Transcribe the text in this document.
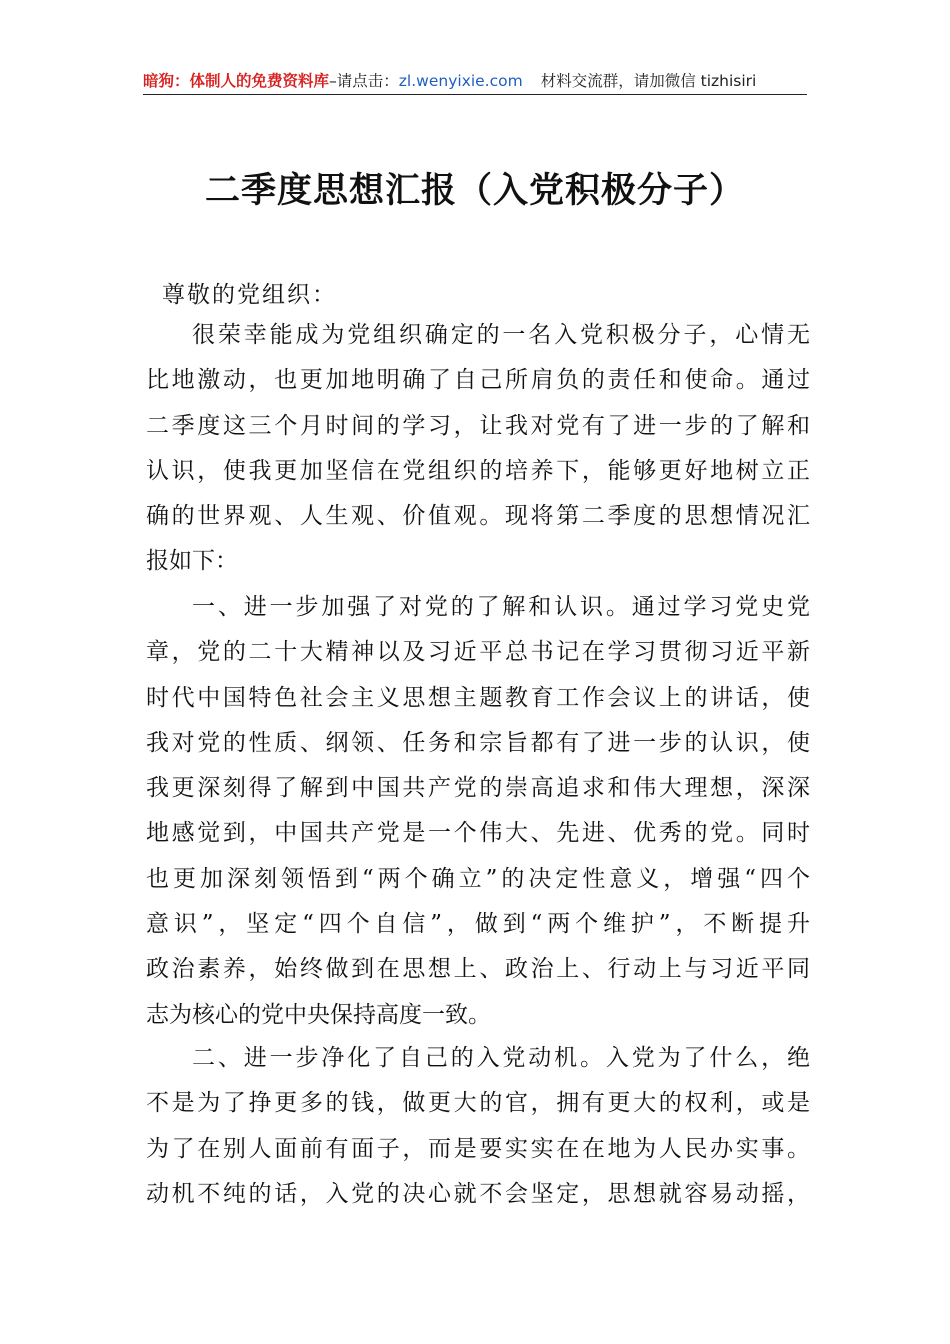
暗狗：体制人的免费资料库–请点击：zl.wenyixie.com 材料交流群，请加微信 tizhisiri
二季度思想汇报（入党积极分子）
尊敬的党组织：
很荣幸能成为党组织确定的一名入党积极分子，心情无
比地激动，也更加地明确了自己所肩负的责任和使命。通过
二季度这三个月时间的学习，让我对党有了进一步的了解和
认识，使我更加坚信在党组织的培养下，能够更好地树立正
确的世界观、人生观、价值观。现将第二季度的思想情况汇
报如下：
一、进一步加强了对党的了解和认识。通过学习党史党
章，党的二十大精神以及习近平总书记在学习贯彻习近平新
时代中国特色社会主义思想主题教育工作会议上的讲话，使
我对党的性质、纲领、任务和宗旨都有了进一步的认识，使
我更深刻得了解到中国共产党的崇高追求和伟大理想，深深
地感觉到，中国共产党是一个伟大、先进、优秀的党。同时
也更加深刻领悟到“两个确立”的决定性意义，增强“四个
意识”，坚定“四个自信”，做到“两个维护”，不断提升
政治素养，始终做到在思想上、政治上、行动上与习近平同
志为核心的党中央保持高度一致。
二、进一步净化了自己的入党动机。入党为了什么，绝
不是为了挣更多的钱，做更大的官，拥有更大的权利，或是
为了在别人面前有面子，而是要实实在在地为人民办实事。
动机不纯的话，入党的决心就不会坚定，思想就容易动摇，
